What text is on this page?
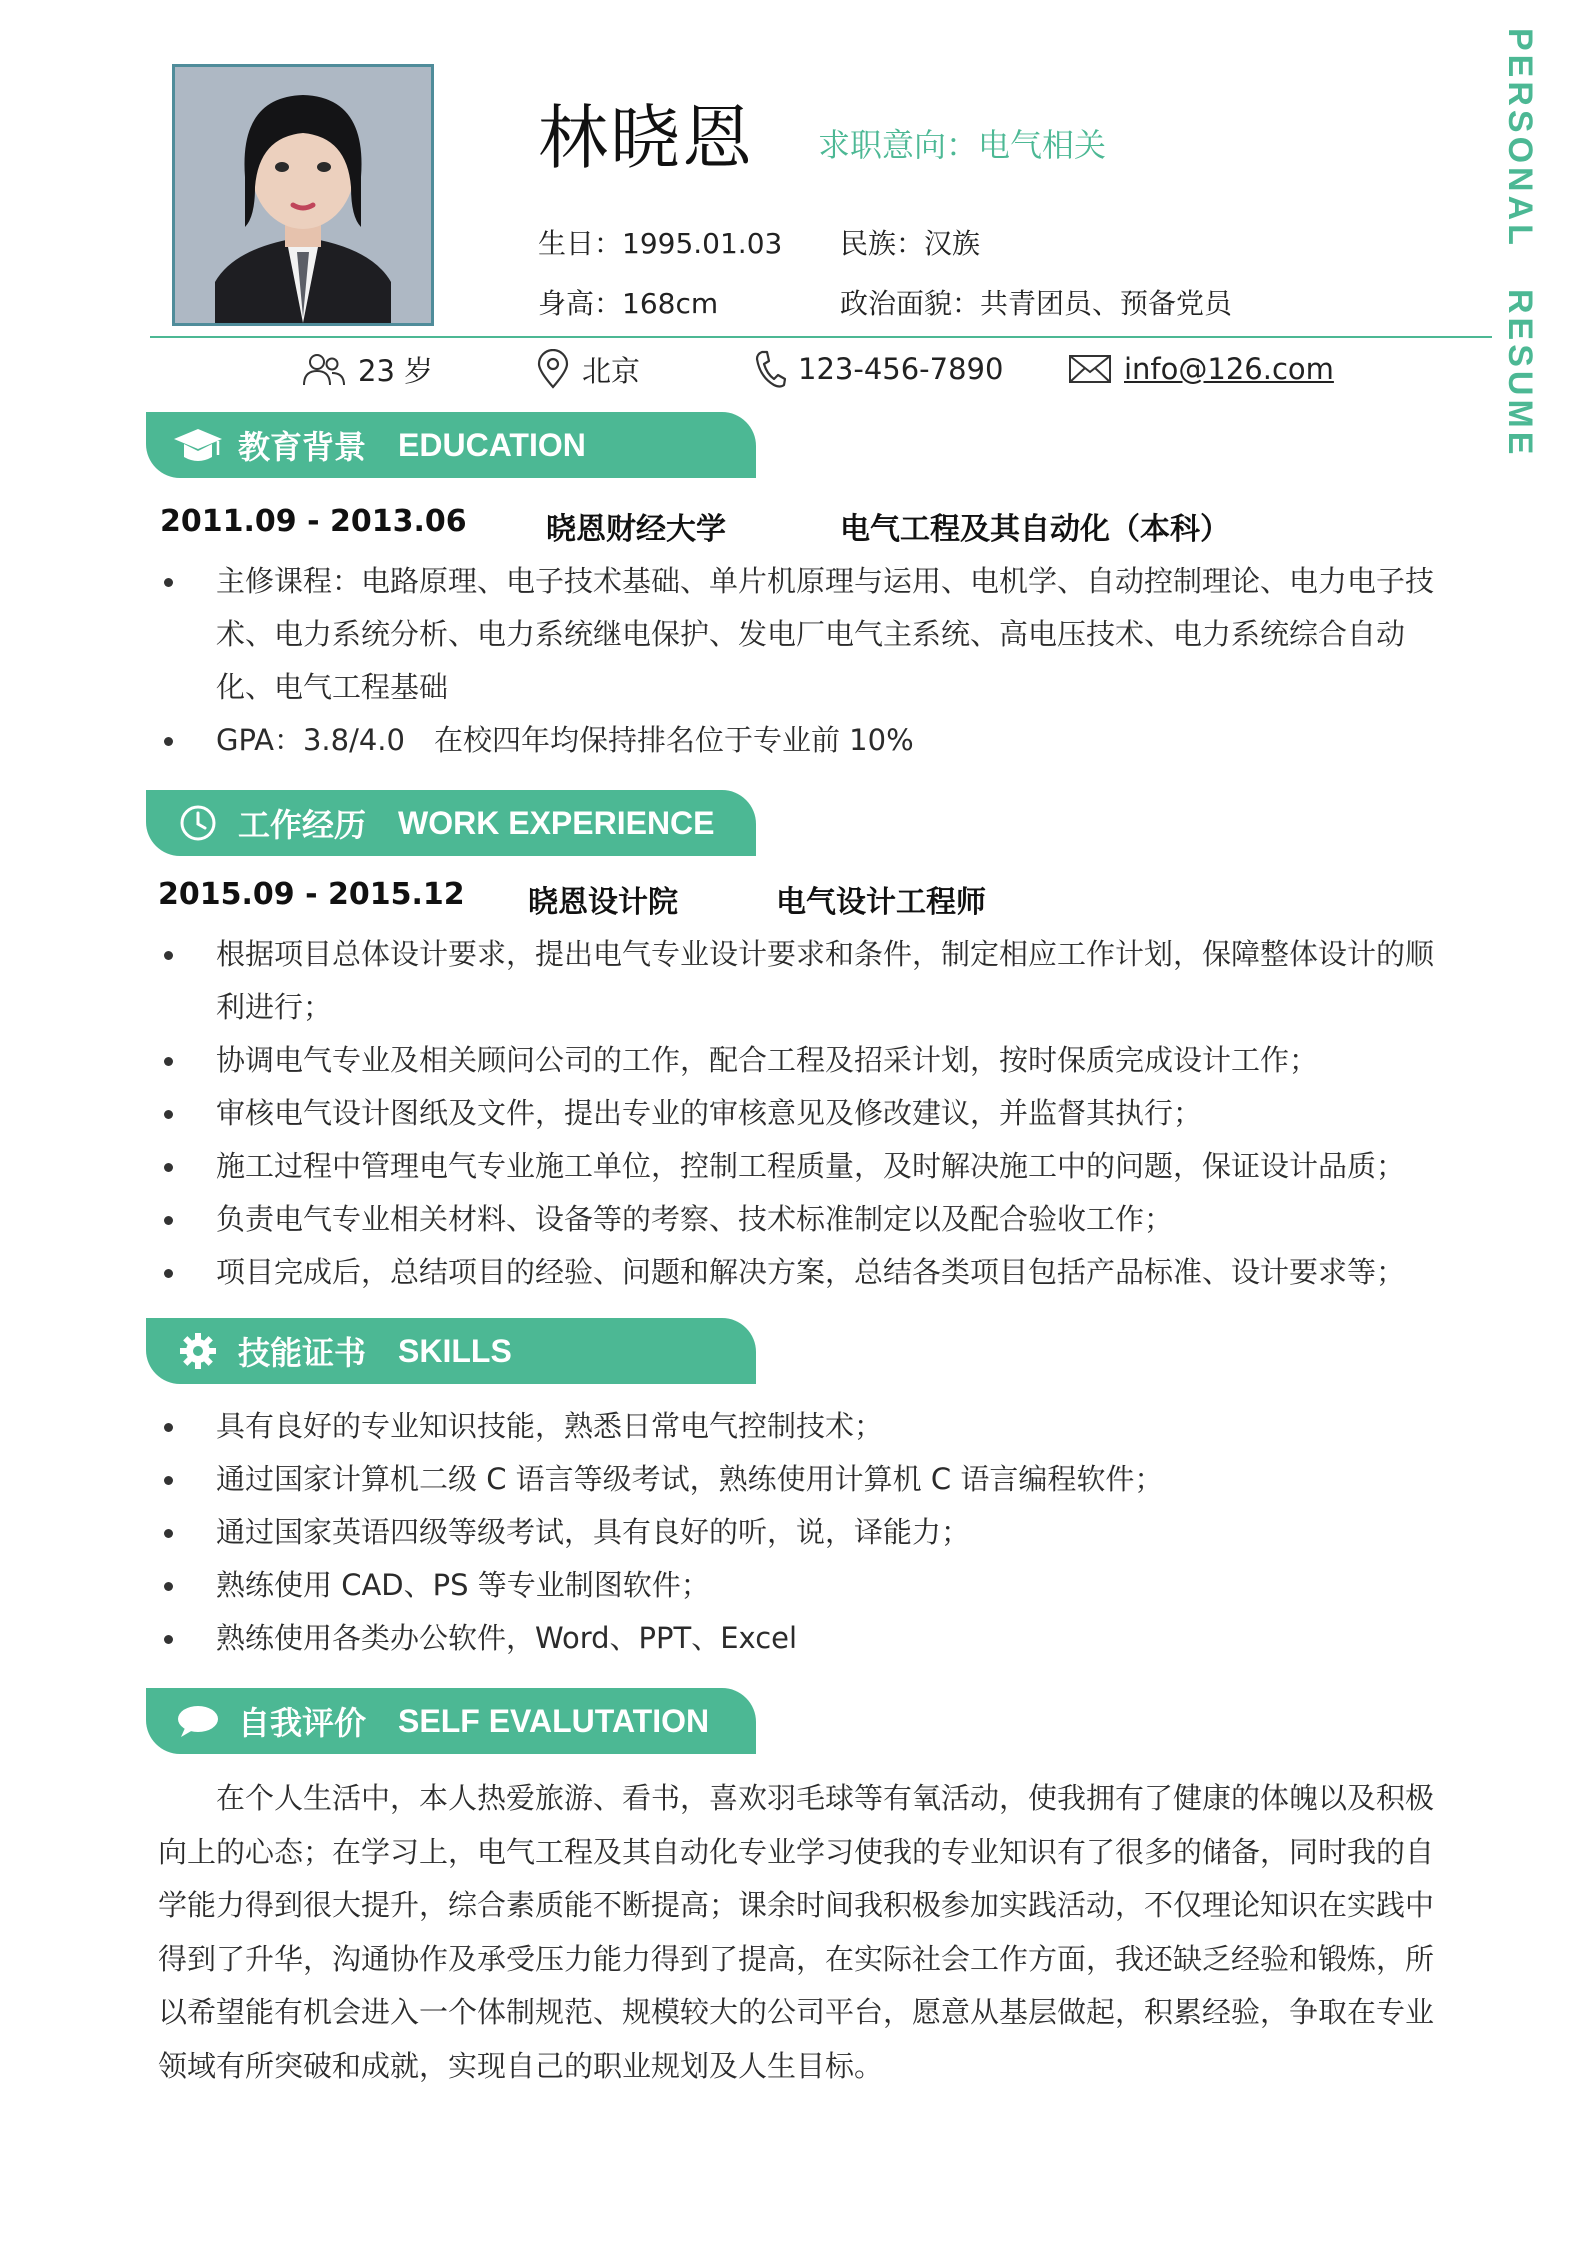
PERSONALRESUME
林晓恩 求职意向：电气相关
生日：1995.01.03 民族：汉族
身高：168cm	政治面貌：共青团员、预备党员
23 岁	北京	123-456-7890	info@126.com
教育背景 EDUCATION
2011.09 - 2013.06	晓恩财经大学	电气工程及其自动化（本科）
主修课程：电路原理、电子技术基础、单片机原理与运用、电机学、自动控制理论、电力电子技术、电力系统分析、电力系统继电保护、发电厂电气主系统、高电压技术、电力系统综合自动化、电气工程基础
GPA：3.8/4.0　在校四年均保持排名位于专业前 10%
工作经历 WORK EXPERIENCE
2015.09 - 2015.12 晓恩设计院	电气设计工程师
根据项目总体设计要求，提出电气专业设计要求和条件，制定相应工作计划，保障整体设计的顺利进行；
协调电气专业及相关顾问公司的工作，配合工程及招采计划，按时保质完成设计工作；
审核电气设计图纸及文件，提出专业的审核意见及修改建议，并监督其执行；
施工过程中管理电气专业施工单位，控制工程质量，及时解决施工中的问题，保证设计品质；
负责电气专业相关材料、设备等的考察、技术标准制定以及配合验收工作；
项目完成后，总结项目的经验、问题和解决方案，总结各类项目包括产品标准、设计要求等；
技能证书 SKILLS
具有良好的专业知识技能，熟悉日常电气控制技术；
通过国家计算机二级 C 语言等级考试，熟练使用计算机 C 语言编程软件；
通过国家英语四级等级考试，具有良好的听，说，译能力；
熟练使用 CAD、PS 等专业制图软件；
熟练使用各类办公软件，Word、PPT、Excel
自我评价 SELF EVALUTATION

在个人生活中，本人热爱旅游、看书，喜欢羽毛球等有氧活动，使我拥有了健康的体魄以及积极向上的心态；在学习上，电气工程及其自动化专业学习使我的专业知识有了很多的储备，同时我的自学能力得到很大提升，综合素质能不断提高；课余时间我积极参加实践活动，不仅理论知识在实践中得到了升华，沟通协作及承受压力能力得到了提高，在实际社会工作方面，我还缺乏经验和锻炼，所以希望能有机会进入一个体制规范、规模较大的公司平台，愿意从基层做起，积累经验，争取在专业领域有所突破和成就，实现自己的职业规划及人生目标。
